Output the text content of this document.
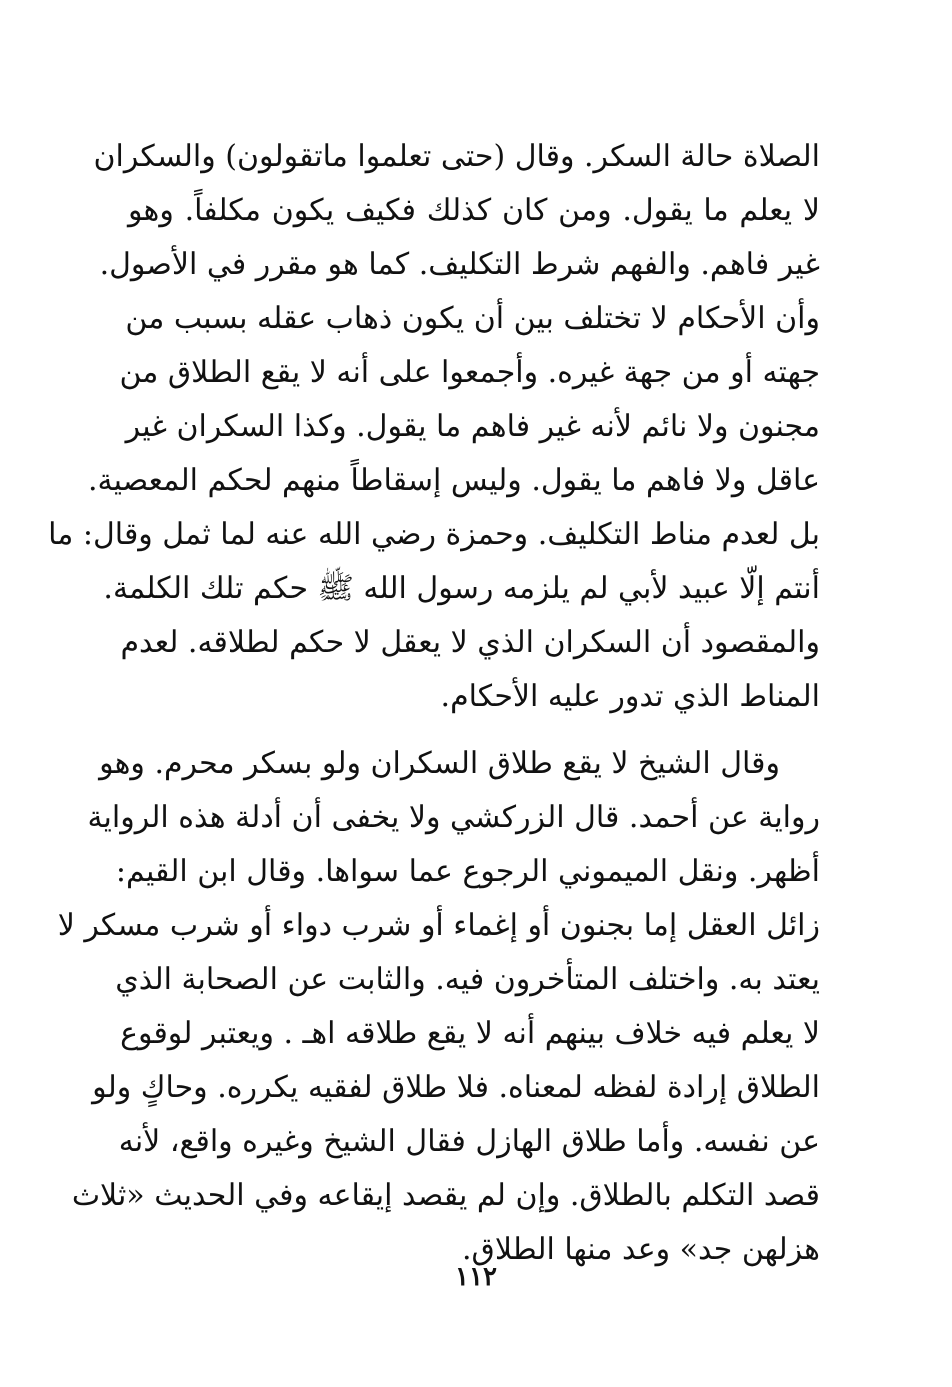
الصلاة حالة السكر. وقال (حتى تعلموا ماتقولون) والسكران
لا يعلم ما يقول. ومن كان كذلك فكيف يكون مكلفاً. وهو
غير فاهم. والفهم شرط التكليف. كما هو مقرر في الأصول.
وأن الأحكام لا تختلف بين أن يكون ذهاب عقله بسبب من
جهته أو من جهة غيره. وأجمعوا على أنه لا يقع الطلاق من
مجنون ولا نائم لأنه غير فاهم ما يقول. وكذا السكران غير
عاقل ولا فاهم ما يقول. وليس إسقاطاً منهم لحكم المعصية.
بل لعدم مناط التكليف. وحمزة رضي الله عنه لما ثمل وقال: ما
أنتم إلّا عبيد لأبي لم يلزمه رسول الله ﷺ حكم تلك الكلمة.
والمقصود أن السكران الذي لا يعقل لا حكم لطلاقه. لعدم
المناط الذي تدور عليه الأحكام.
وقال الشيخ لا يقع طلاق السكران ولو بسكر محرم. وهو
رواية عن أحمد. قال الزركشي ولا يخفى أن أدلة هذه الرواية
أظهر. ونقل الميموني الرجوع عما سواها. وقال ابن القيم:
زائل العقل إما بجنون أو إغماء أو شرب دواء أو شرب مسكر لا
يعتد به. واختلف المتأخرون فيه. والثابت عن الصحابة الذي
لا يعلم فيه خلاف بينهم أنه لا يقع طلاقه اهـ . ويعتبر لوقوع
الطلاق إرادة لفظه لمعناه. فلا طلاق لفقيه يكرره. وحاكٍ ولو
عن نفسه. وأما طلاق الهازل فقال الشيخ وغيره واقع، لأنه
قصد التكلم بالطلاق. وإن لم يقصد إيقاعه وفي الحديث «ثلاث
هزلهن جد» وعد منها الطلاق.
١١٢
